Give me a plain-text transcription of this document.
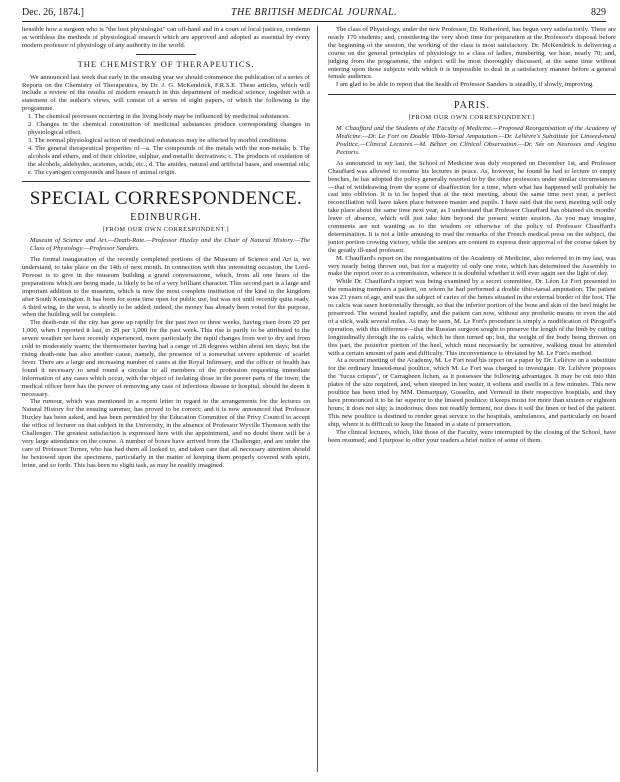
Dec. 26, 1874.]	THE BRITISH MEDICAL JOURNAL.	829

hensible how a surgeon who is "the best physiologist" can off-hand and in a court of local justices, condemn as worthless the methods of physiological research which are approved and adopted as essential by every modern professor of physiology of any authority in the world.

THE CHEMISTRY OF THERAPEUTICS.

We announced last week that early in the ensuing year we should commence the publication of a series of Reports on the Chemistry of Therapeutics, by Dr. J. G. McKendrick, F.R.S.E. These articles, which will include a review of the results of modern research in this department of medical science, together with a statement of the author's views, will consist of a series of eight papers, of which the following is the programme.

1. The chemical processes occurring in the living body may be influenced by medicinal substances.

2. Changes in the chemical constitution of medicinal substances produce corresponding changes in physiological effect.

3. The normal physiological action of medicinal substances may be affected by morbid conditions.

4. The general therapeutical properties of—a. The compounds of the metals with the non-metals; b. The alcohols and ethers, and of their chlorine, sulphur, and metallic derivatives; c. The products of oxidation of the alcohols, aldehydes, acetones, acids, etc.; d. The amides, natural and artificial bases, and essential oils; e. The cyanogen compounds and bases of animal origin.

SPECIAL CORRESPONDENCE.
EDINBURGH.
[FROM OUR OWN CORRESPONDENT.]

Museum of Science and Art.—Death-Rate.—Professor Huxley and the Chair of Natural History.—The Class of Physiology.—Professor Sanders.

The formal inauguration of the recently completed portions of the Museum of Science and Art is, we understand, to take place on the 14th of next month. In connection with this interesting occasion, the Lord-Provost is to give in the museum building a grand conversazione, which, from all one hears of the preparations which are being made, is likely to be of a very brilliant character. This second part is a large and important addition to the museum, which is now the most complete institution of the kind in the kingdom after South Kensington. It has been for some time open for public use, but was not until recently quite ready. A third wing, to the west, is shortly to be added; indeed, the money has already been voted for the purpose, when the building will be complete.

The death-rate of the city has gone up rapidly for the past two or three weeks, having risen from 20 per 1,000, when I reported it last, to 29 per 1,000 for the past week. This rise is partly to be attributed to the severe weather we have recently experienced, more particularly the rapid changes from wet to dry and from cold to moderately warm; the thermometer having had a range of 28 degrees within about ten days; but the rising death-rate has also another cause, namely, the presence of a somewhat severe epidemic of scarlet fever. There are a large and increasing number of cases at the Royal Infirmary, and the officer of health has found it necessary to send round a circular to all members of the profession requesting immediate information of any cases which occur, with the object of isolating those in the poorer parts of the town; the medical officer here has the power of removing any case of infectious disease to hospital, should he deem it necessary.

The rumour, which was mentioned in a recent letter in regard to the arrangements for the lectures on Natural History for the ensuing summer, has proved to be correct; and it is now announced that Professor Huxley has been asked, and has been permitted by the Education Committee of the Privy Council to accept the office of lecturer on that subject in the University, in the absence of Professor Wyville Thomson with the Challenger. The greatest satisfaction is expressed here with the appointment, and no doubt there will be a very large attendance on the course. A number of boxes have arrived from the Challenger, and are under the care of Professor Turner, who has had them all looked to, and taken care that all necessary attention should be bestowed upon the specimens, particularly in the matter of keeping them properly covered with spirit, brine, and so forth. This has been no slight task, as may be readily imagined.

The class of Physiology, under the new Professor, Dr. Rutherford, has begun very satisfactorily. There are nearly 170 students; and, considering the very short time for preparation at the Professor's disposal before the beginning of the session, the working of the class is most satisfactory. Dr. McKendrick is delivering a course on the general principles of physiology to a class of ladies, numbering, we hear, nearly 70; and, judging from the programme, the subject will be most thoroughly discussed, at the same time without entering upon those subjects with which it is impossible to deal in a satisfactory manner before a general female audience.

I am glad to be able to report that the health of Professor Sanders is steadily, if slowly, improving.

PARIS.
[FROM OUR OWN CORRESPONDENT.]

M. Chauffard and the Students of the Faculty of Medicine.—Proposed Reorganisation of the Academy of Medicine.—Dr. Le Fort on Double Tibio-Tarsal Amputation.—Dr. Lelièvre's Substitute for Linseed-meal Poultice.—Clinical Lectures.—M. Béhier on Clinical Observation.—Dr. Sée on Neuroses and Angina Pectoris.

As announced in my last, the School of Medicine was duly reopened on December 1st, and Professor Chauffard was allowed to resume his lectures in peace. As, however, he found he had to lecture to empty benches, he has adopted the policy generally resorted to by the other professors under similar circumstances—that of withdrawing from the scene of disaffection for a time, when what has happened will probably be cast into oblivion. It is to be hoped that at the next meeting, about the same time next year, a perfect reconciliation will have taken place between master and pupils. I have said that the next meeting will only take place about the same time next year, as I understand that Professor Chauffard has obtained six months' leave of absence, which will just take him beyond the present winter session. As you may imagine, comments are not wanting as to the wisdom or otherwise of the policy of Professor Chauffard's determination. It is not a little amusing to read the remarks of the French medical press on the subject, the junior portion crowing victory, while the seniors are content to express their approval of the course taken by the greatly ill-used professor.

M. Chauffard's report on the reorganisation of the Academy of Medicine, also referred to in my last, was very nearly being thrown out, but for a majority of only one vote, which has determined the Assembly to make the report over to a commission, whence it is doubtful whether it will ever again see the light of day.

While Dr. Chauffard's report was being examined by a secret committee, Dr. Léon Le Fort presented to the remaining members a patient, on whom he had performed a double tibio-tarsal amputation. The patient was 23 years of age, and was the subject of caries of the bones situated in the external border of the foot. The os calcis was sawn horizontally through, so that the inferior portion of the bone and skin of the heel might be preserved. The wound healed rapidly, and the patient can now, without any prothetic means or even the aid of a stick, walk several miles. As may be seen, M. Le Fort's procedure is simply a modification of Pirogoff's operation, with this difference—that the Russian surgeon sought to preserve the length of the limb by cutting longitudinally through the os calcis, which he then turned up; but, the weight of the body being thrown on this part, the posterior portion of the heel, which must necessarily be sensitive, walking must be attended with a certain amount of pain and difficulty. This inconvenience is obviated by M. Le Fort's method.

At a recent meeting of the Academy, M. Le Fort read his report on a paper by Dr. Lelièvre on a substitute for the ordinary linseed-meal poultice, which M. Le Fort was charged to investigate. Dr. Lelièvre proposes the "fucus crispus", or Carragheen lichen, as it possesses the following advantages. It may be cut into thin plates of the size required, and, when steeped in hot water, it softens and swells in a few minutes. This new poultice has been tried by MM. Demarquay, Gosselin, and Verneuil in their respective hospitals, and they have pronounced it to be far superior to the linseed poultice; it keeps moist for more than sixteen or eighteen hours; it does not slip; is inodorous; does not readily ferment, nor does it soil the linen or bed of the patient. This new poultice is destined to render great service to the hospitals, ambulances, and particularly on board ship, where it is difficult to keep the linseed in a state of preservation.

The clinical lectures, which, like those of the Faculty, were interrupted by the closing of the School, have been resumed; and I purpose to offer your readers a brief notice of some of them.
